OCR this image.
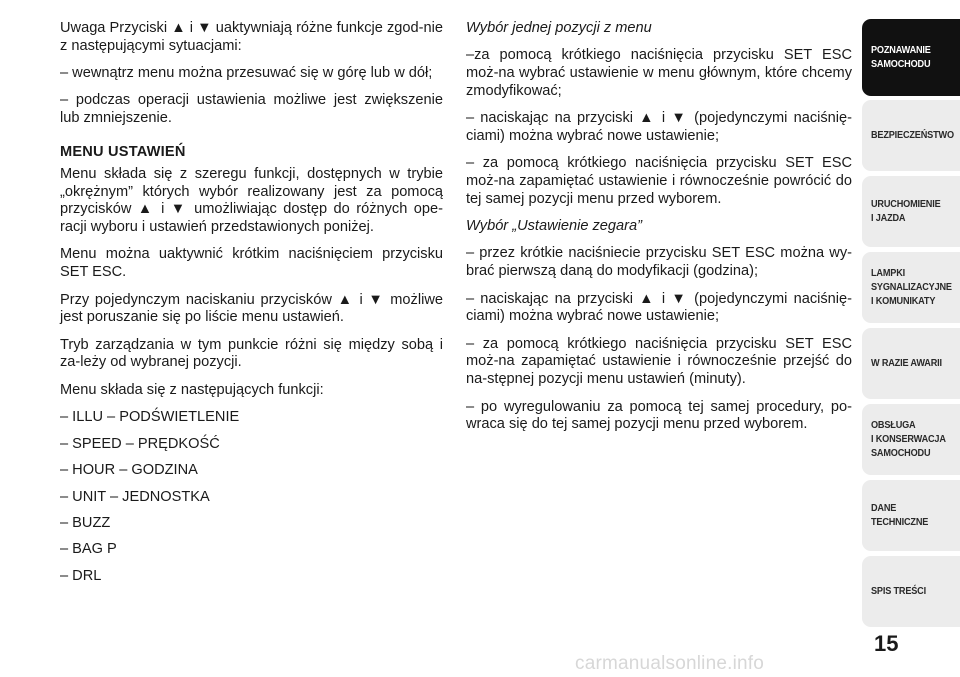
Uwaga Przyciski ▲ i ▼ uaktywniają różne funkcje zgod-nie z następującymi sytuacjami:

– wewnątrz menu można przesuwać się w górę lub w dół;

– podczas operacji ustawienia możliwe jest zwiększenie lub zmniejszenie.

MENU USTAWIEŃ

Menu składa się z szeregu funkcji, dostępnych w trybie „okrężnym” których wybór realizowany jest za pomocą przycisków ▲ i ▼ umożliwiając dostęp do różnych ope-racji wyboru i ustawień przedstawionych poniżej.

Menu można uaktywnić krótkim naciśnięciem przycisku SET ESC.

Przy pojedynczym naciskaniu przycisków ▲ i ▼ możliwe jest poruszanie się po liście menu ustawień.

Tryb zarządzania w tym punkcie różni się między sobą i za-leży od wybranej pozycji.

Menu składa się z następujących funkcji:

– ILLU – PODŚWIETLENIE

– SPEED – PRĘDKOŚĆ

– HOUR – GODZINA

– UNIT – JEDNOSTKA

– BUZZ

– BAG P

– DRL

Wybór jednej pozycji z menu

–za pomocą krótkiego naciśnięcia przycisku SET ESC moż-na wybrać ustawienie w menu głównym, które chcemy zmodyfikować;

– naciskając na przyciski ▲ i ▼ (pojedynczymi naciśnię-ciami) można wybrać nowe ustawienie;

– za pomocą krótkiego naciśnięcia przycisku SET ESC moż-na zapamiętać ustawienie i równocześnie powrócić do tej samej pozycji menu przed wyborem.

Wybór „Ustawienie zegara”

– przez krótkie naciśniecie przycisku SET ESC można wy-brać pierwszą daną do modyfikacji (godzina);

– naciskając na przyciski ▲ i ▼ (pojedynczymi naciśnię-ciami) można wybrać nowe ustawienie;

– za pomocą krótkiego naciśnięcia przycisku SET ESC moż-na zapamiętać ustawienie i równocześnie przejść do na-stępnej pozycji menu ustawień (minuty).

– po wyregulowaniu za pomocą tej samej procedury, po-wraca się do tej samej pozycji menu przed wyborem.

POZNAWANIE
SAMOCHODU
BEZPIECZEŃSTWO
URUCHOMIENIE
I JAZDA
LAMPKI
SYGNALIZACYJNE
I KOMUNIKATY
W RAZIE AWARII
OBSŁUGA
I KONSERWACJA
SAMOCHODU
DANE
TECHNICZNE
SPIS TREŚCI
15
carmanualsonline.info
